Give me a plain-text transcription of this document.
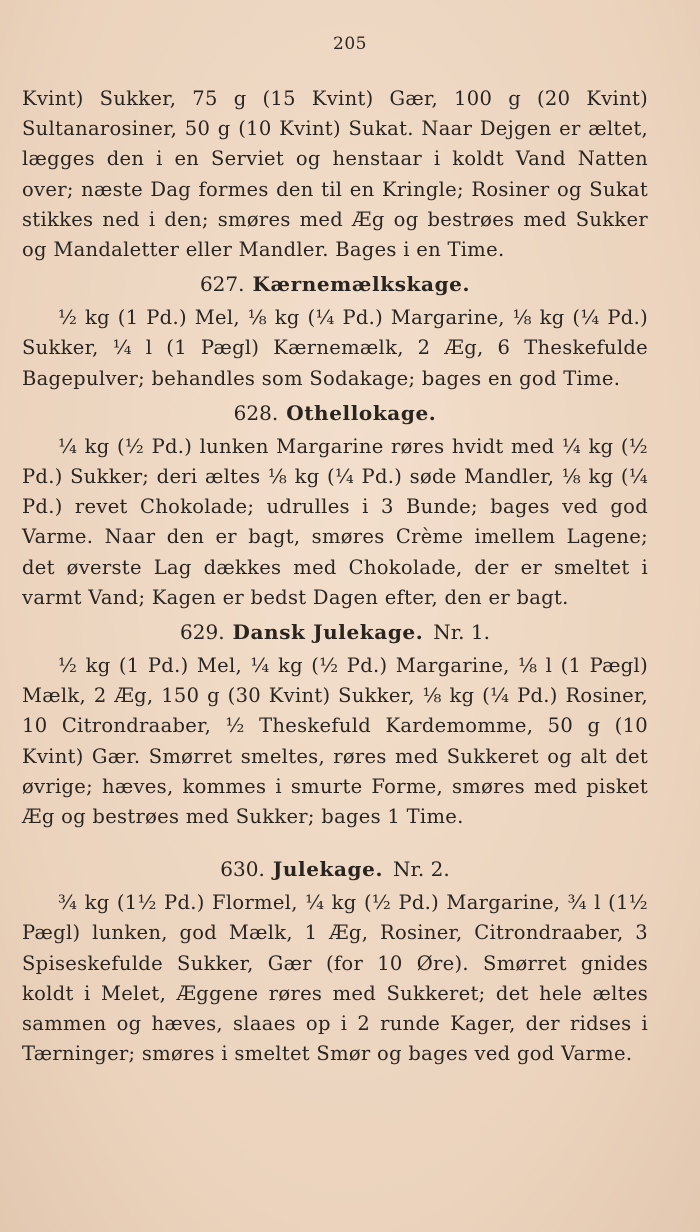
205

Kvint) Sukker, 75 g (15 Kvint) Gær, 100 g (20 Kvint) Sultanarosiner, 50 g (10 Kvint) Sukat. Naar Dejgen er æltet, lægges den i en Serviet og henstaar i koldt Vand Natten over; næste Dag formes den til en Kringle; Rosiner og Sukat stikkes ned i den; smøres med Æg og bestrøes med Sukker og Mandaletter eller Mandler. Bages i en Time.

627. Kærnemælkskage.

½ kg (1 Pd.) Mel, ⅛ kg (¼ Pd.) Margarine, ⅛ kg (¼ Pd.) Sukker, ¼ l (1 Pægl) Kærnemælk, 2 Æg, 6 Theskefulde Bagepulver; behandles som Sodakage; bages en god Time.

628. Othellokage.

¼ kg (½ Pd.) lunken Margarine røres hvidt med ¼ kg (½ Pd.) Sukker; deri æltes ⅛ kg (¼ Pd.) søde Mandler, ⅛ kg (¼ Pd.) revet Chokolade; udrulles i 3 Bunde; bages ved god Varme. Naar den er bagt, smøres Crème imellem Lagene; det øverste Lag dækkes med Chokolade, der er smeltet i varmt Vand; Kagen er bedst Dagen efter, den er bagt.

629. Dansk Julekage. Nr. 1.

½ kg (1 Pd.) Mel, ¼ kg (½ Pd.) Margarine, ⅛ l (1 Pægl) Mælk, 2 Æg, 150 g (30 Kvint) Sukker, ⅛ kg (¼ Pd.) Rosiner, 10 Citrondraaber, ½ Theskefuld Kardemomme, 50 g (10 Kvint) Gær. Smørret smeltes, røres med Sukkeret og alt det øvrige; hæves, kommes i smurte Forme, smøres med pisket Æg og bestrøes med Sukker; bages 1 Time.

630. Julekage. Nr. 2.

¾ kg (1½ Pd.) Flormel, ¼ kg (½ Pd.) Margarine, ¾ l (1½ Pægl) lunken, god Mælk, 1 Æg, Rosiner, Citrondraaber, 3 Spiseskefulde Sukker, Gær (for 10 Øre). Smørret gnides koldt i Melet, Æggene røres med Sukkeret; det hele æltes sammen og hæves, slaaes op i 2 runde Kager, der ridses i Tærninger; smøres i smeltet Smør og bages ved god Varme.
